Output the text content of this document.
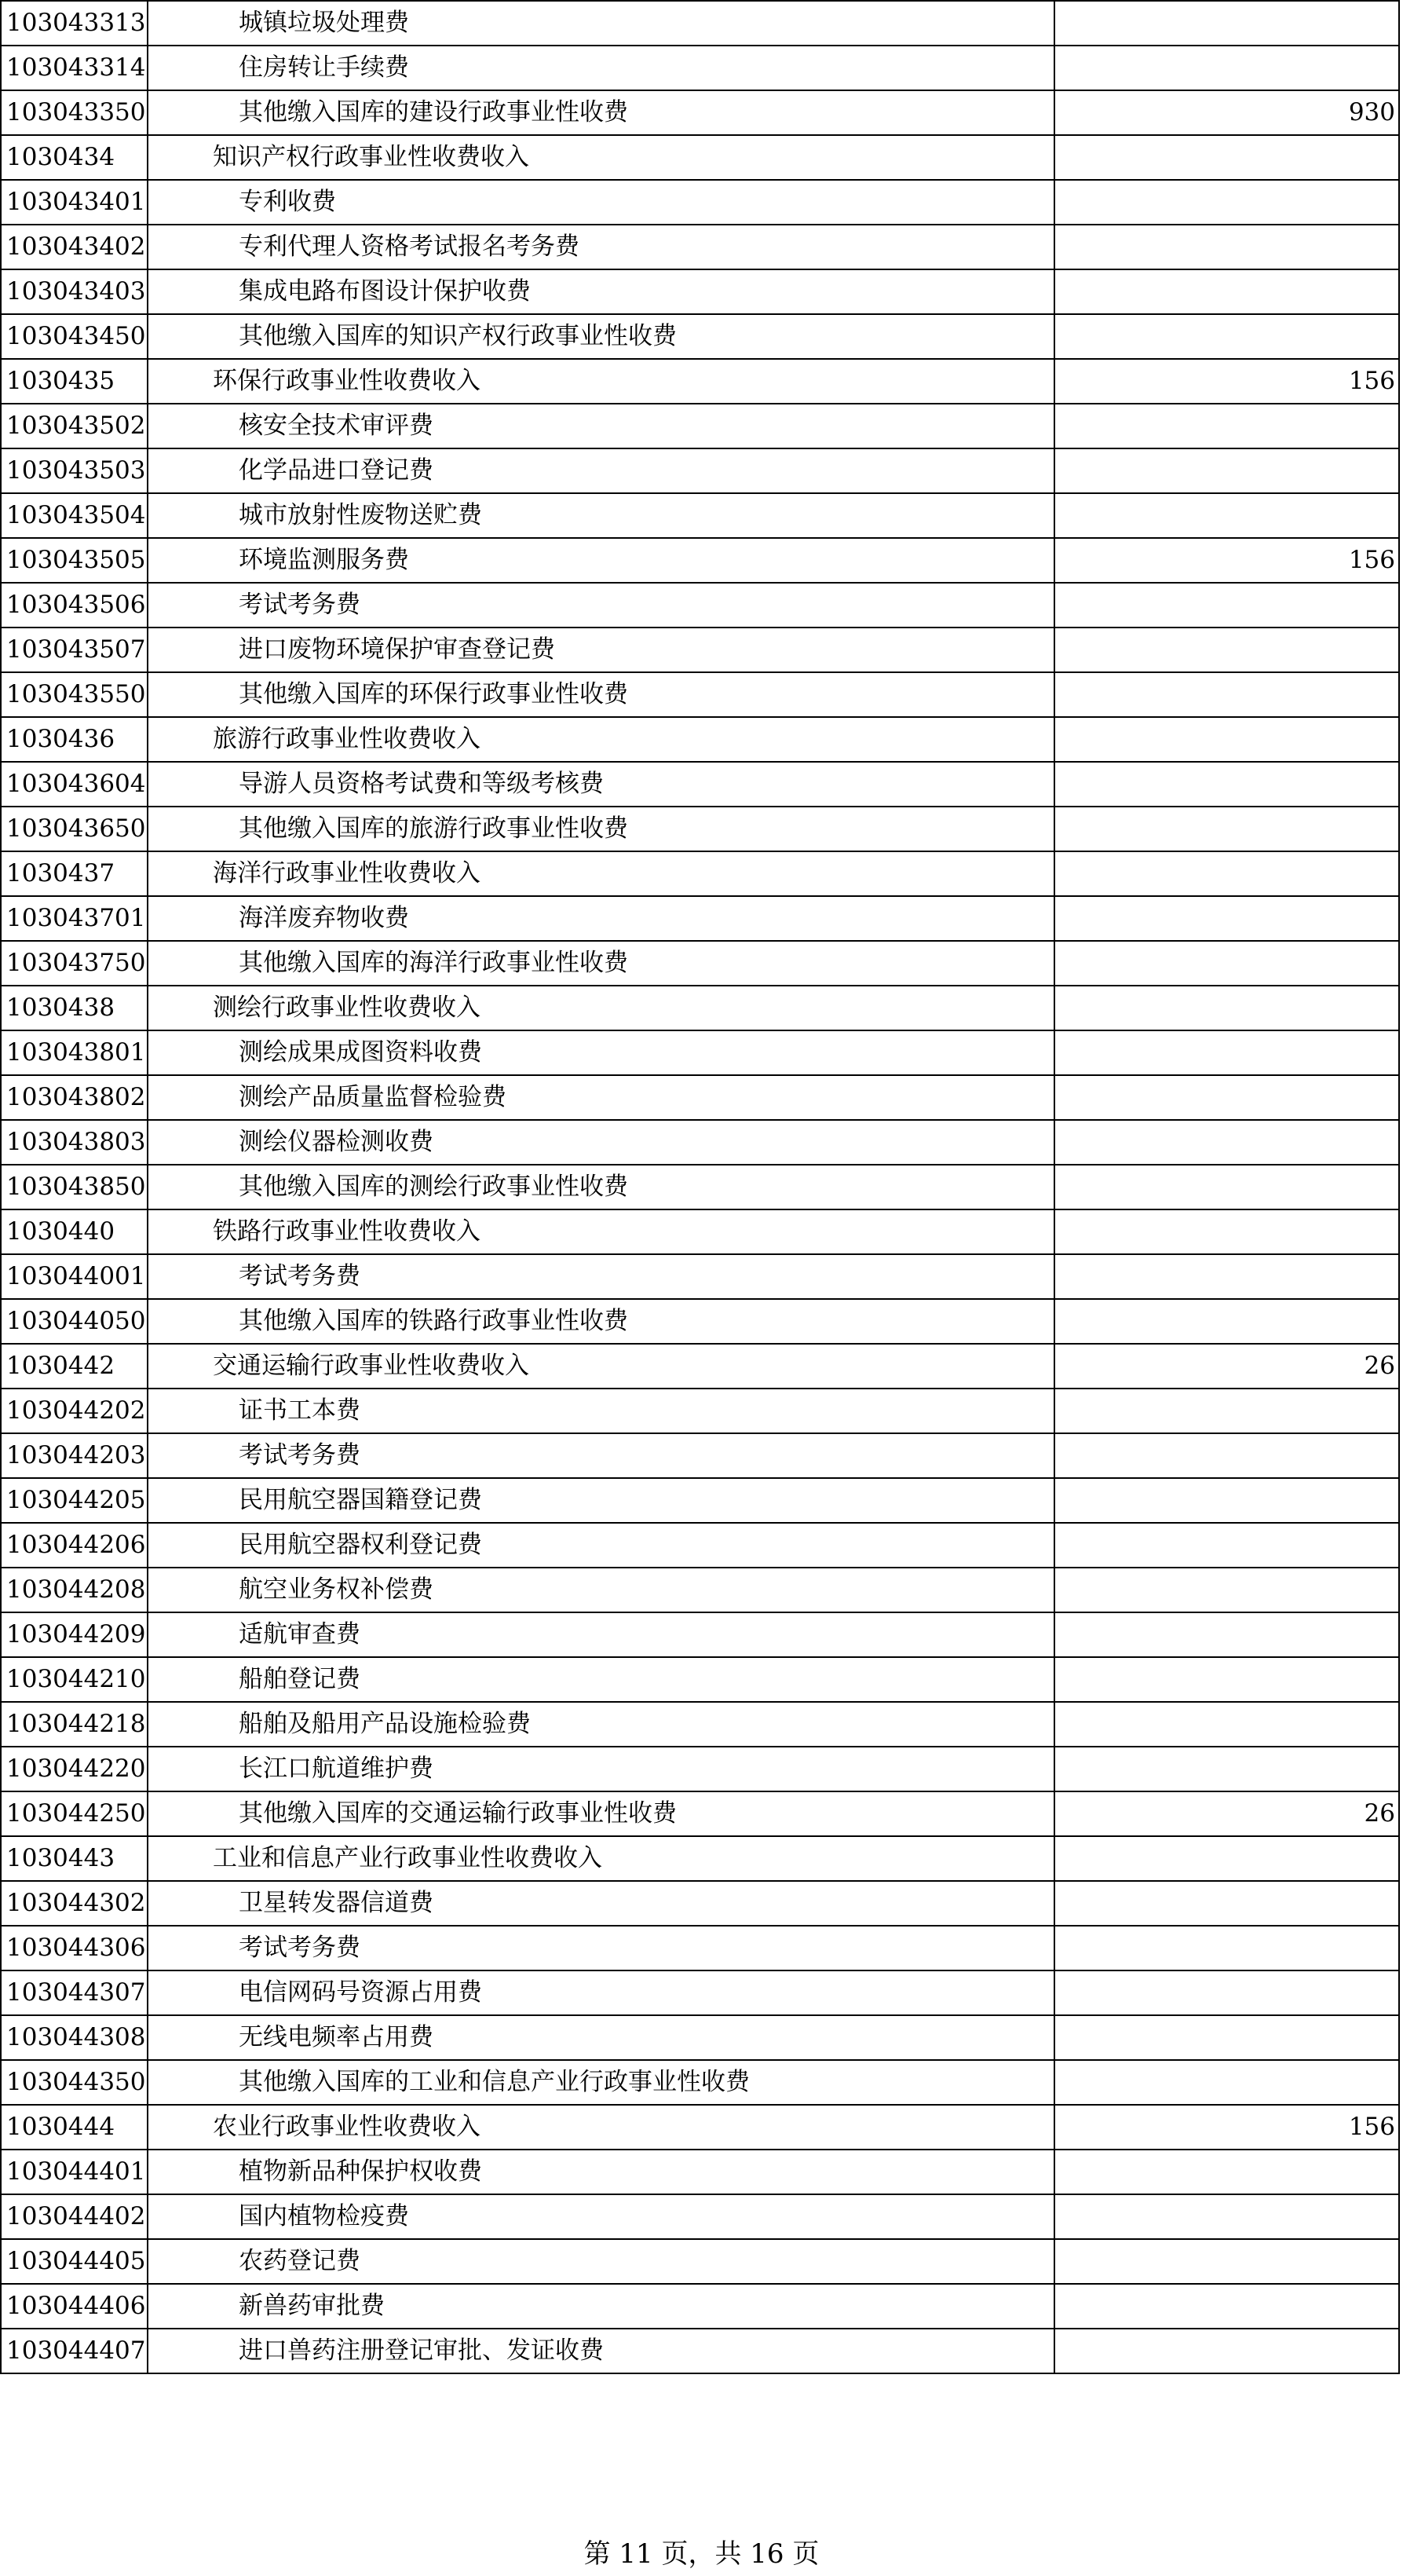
103043313	城镇垃圾处理费	
103043314	住房转让手续费	
103043350	其他缴入国库的建设行政事业性收费	930
1030434	知识产权行政事业性收费收入	
103043401	专利收费	
103043402	专利代理人资格考试报名考务费	
103043403	集成电路布图设计保护收费	
103043450	其他缴入国库的知识产权行政事业性收费	
1030435	环保行政事业性收费收入	156
103043502	核安全技术审评费	
103043503	化学品进口登记费	
103043504	城市放射性废物送贮费	
103043505	环境监测服务费	156
103043506	考试考务费	
103043507	进口废物环境保护审查登记费	
103043550	其他缴入国库的环保行政事业性收费	
1030436	旅游行政事业性收费收入	
103043604	导游人员资格考试费和等级考核费	
103043650	其他缴入国库的旅游行政事业性收费	
1030437	海洋行政事业性收费收入	
103043701	海洋废弃物收费	
103043750	其他缴入国库的海洋行政事业性收费	
1030438	测绘行政事业性收费收入	
103043801	测绘成果成图资料收费	
103043802	测绘产品质量监督检验费	
103043803	测绘仪器检测收费	
103043850	其他缴入国库的测绘行政事业性收费	
1030440	铁路行政事业性收费收入	
103044001	考试考务费	
103044050	其他缴入国库的铁路行政事业性收费	
1030442	交通运输行政事业性收费收入	26
103044202	证书工本费	
103044203	考试考务费	
103044205	民用航空器国籍登记费	
103044206	民用航空器权利登记费	
103044208	航空业务权补偿费	
103044209	适航审查费	
103044210	船舶登记费	
103044218	船舶及船用产品设施检验费	
103044220	长江口航道维护费	
103044250	其他缴入国库的交通运输行政事业性收费	26
1030443	工业和信息产业行政事业性收费收入	
103044302	卫星转发器信道费	
103044306	考试考务费	
103044307	电信网码号资源占用费	
103044308	无线电频率占用费	
103044350	其他缴入国库的工业和信息产业行政事业性收费	
1030444	农业行政事业性收费收入	156
103044401	植物新品种保护权收费	
103044402	国内植物检疫费	
103044405	农药登记费	
103044406	新兽药审批费	
103044407	进口兽药注册登记审批、发证收费	
第 11 页，共 16 页
